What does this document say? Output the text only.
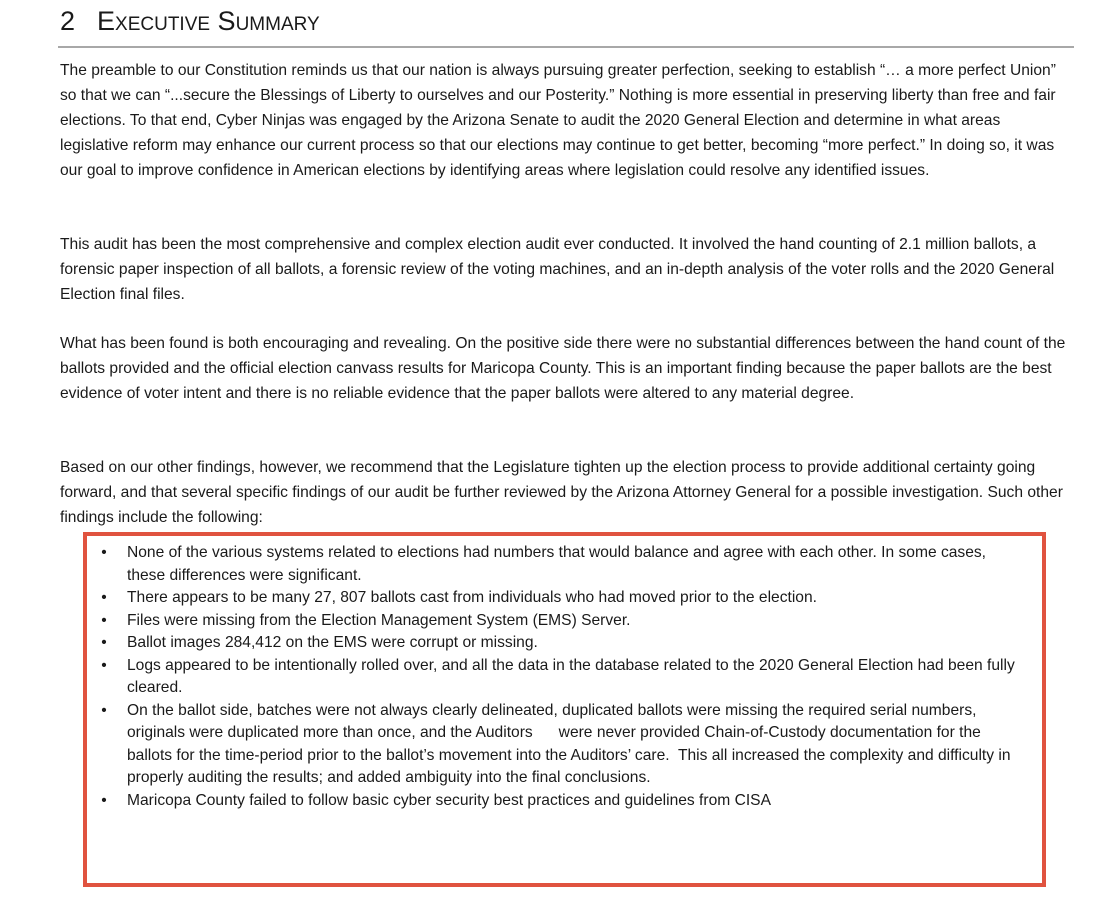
2 Executive Summary

The preamble to our Constitution reminds us that our nation is always pursuing greater perfection, seeking to establish “… a more perfect Union” so that we can “...secure the Blessings of Liberty to ourselves and our Posterity.” Nothing is more essential in preserving liberty than free and fair elections. To that end, Cyber Ninjas was engaged by the Arizona Senate to audit the 2020 General Election and determine in what areas legislative reform may enhance our current process so that our elections may continue to get better, becoming “more perfect.” In doing so, it was our goal to improve confidence in American elections by identifying areas where legislation could resolve any identified issues.

This audit has been the most comprehensive and complex election audit ever conducted. It involved the hand counting of 2.1 million ballots, a forensic paper inspection of all ballots, a forensic review of the voting machines, and an in-depth analysis of the voter rolls and the 2020 General Election final files.

What has been found is both encouraging and revealing. On the positive side there were no substantial differences between the hand count of the ballots provided and the official election canvass results for Maricopa County. This is an important finding because the paper ballots are the best evidence of voter intent and there is no reliable evidence that the paper ballots were altered to any material degree.

Based on our other findings, however, we recommend that the Legislature tighten up the election process to provide additional certainty going forward, and that several specific findings of our audit be further reviewed by the Arizona Attorney General for a possible investigation. Such other findings include the following:

• None of the various systems related to elections had numbers that would balance and agree with each other. In some cases, these differences were significant.
• There appears to be many 27, 807 ballots cast from individuals who had moved prior to the election.
• Files were missing from the Election Management System (EMS) Server.
• Ballot images 284,412 on the EMS were corrupt or missing.
• Logs appeared to be intentionally rolled over, and all the data in the database related to the 2020 General Election had been fully cleared.
• On the ballot side, batches were not always clearly delineated, duplicated ballots were missing the required serial numbers, originals were duplicated more than once, and the Auditors      were never provided Chain-of-Custody documentation for the ballots for the time-period prior to the ballot’s movement into the Auditors’ care.  This all increased the complexity and difficulty in properly auditing the results; and added ambiguity into the final conclusions.
• Maricopa County failed to follow basic cyber security best practices and guidelines from CISA
